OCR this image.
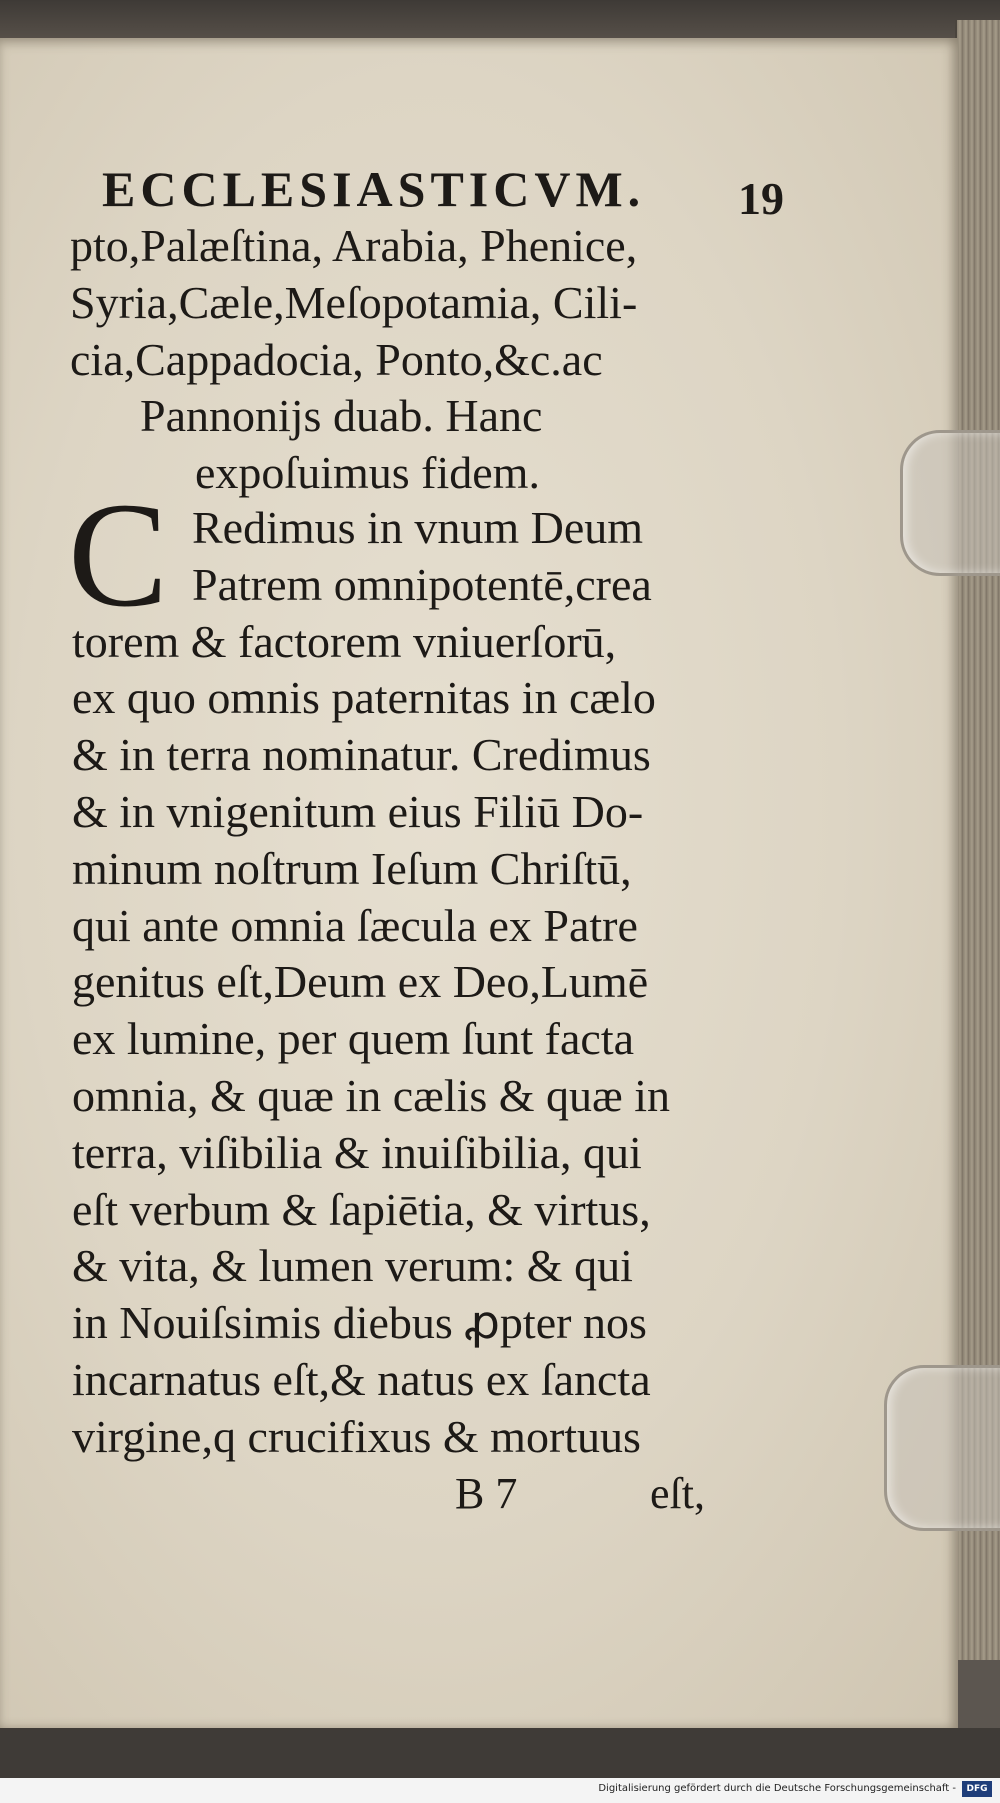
ECCLESIASTICVM. 19
pto,Palæſtina, Arabia, Phenice,
Syria,Cæle,Meſopotamia, Cili-
cia,Cappadocia, Ponto,&c.ac
Pannonijs duab. Hanc
expoſuimus fidem.
C Redimus in vnum Deum
Patrem omnipotentē,crea
torem & factorem vniuerſorū,
ex quo omnis paternitas in cælo
& in terra nominatur. Credimus
& in vnigenitum eius Filiū Do-
minum noſtrum Ieſum Chriſtū,
qui ante omnia ſæcula ex Patre
genitus eſt,Deum ex Deo,Lumē
ex lumine, per quem ſunt facta
omnia, & quæ in cælis & quæ in
terra, viſibilia & inuiſibilia, qui
eſt verbum & ſapiētia, & virtus,
& vita, & lumen verum: & qui
in Nouiſsimis diebus ꝓpter nos
incarnatus eſt,& natus ex ſancta
virgine,q crucifixus & mortuus
B 7	eſt,
Digitalisierung gefördert durch die Deutsche Forschungsgemeinschaft -	DFG
